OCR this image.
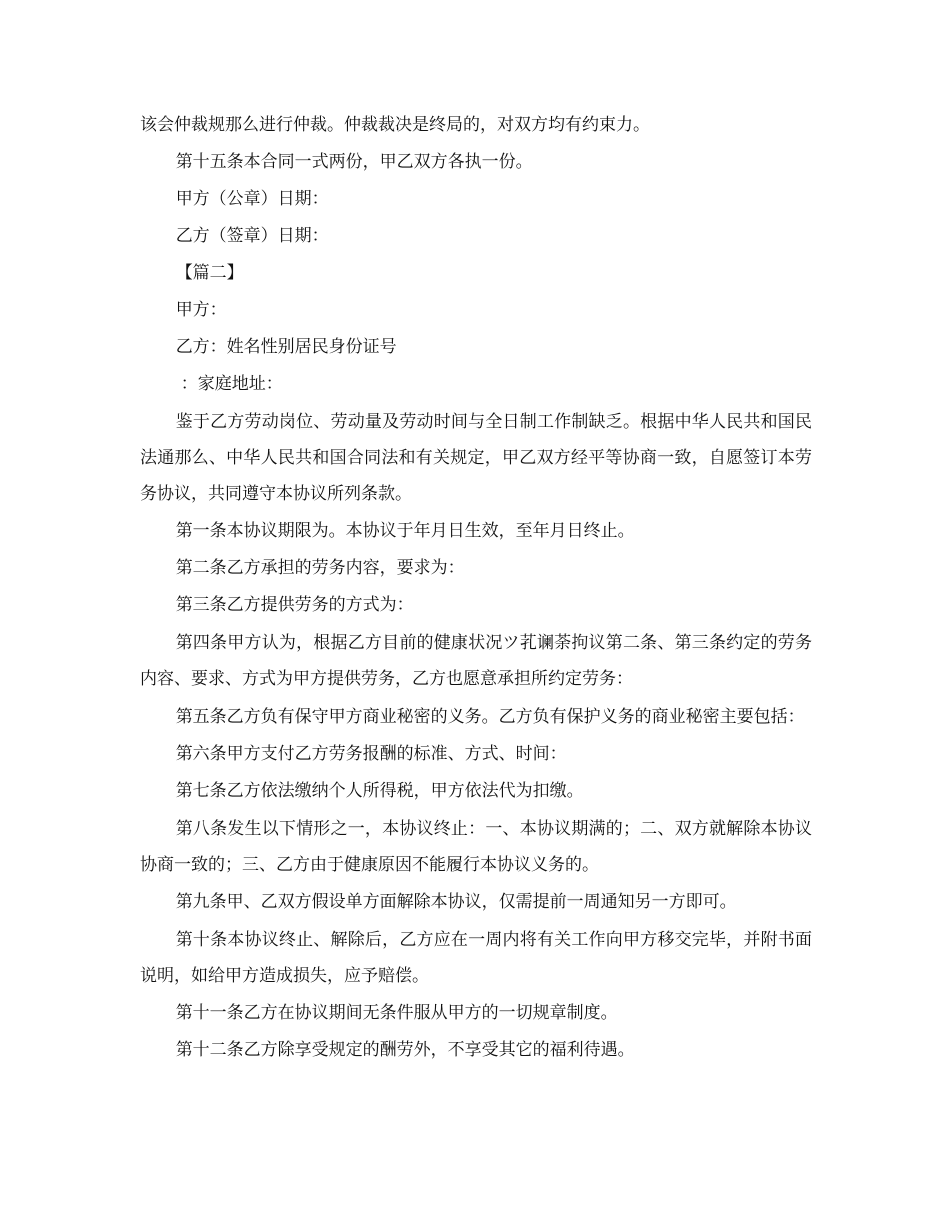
该会仲裁规那么进行仲裁。仲裁裁决是终局的，对双方均有约束力。

第十五条本合同一式两份，甲乙双方各执一份。

甲方（公章）日期：

乙方（签章）日期：

【篇二】

甲方：

乙方：姓名性别居民身份证号

：家庭地址：

鉴于乙方劳动岗位、劳动量及劳动时间与全日制工作制缺乏。根据中华人民共和国民法通那么、中华人民共和国合同法和有关规定，甲乙双方经平等协商一致，自愿签订本劳务协议，共同遵守本协议所列条款。

第一条本协议期限为。本协议于年月日生效，至年月日终止。

第二条乙方承担的劳务内容，要求为：

第三条乙方提供劳务的方式为：

第四条甲方认为，根据乙方目前的健康状况ツ芤谰荼拘议第二条、第三条约定的劳务内容、要求、方式为甲方提供劳务，乙方也愿意承担所约定劳务：

第五条乙方负有保守甲方商业秘密的义务。乙方负有保护义务的商业秘密主要包括：

第六条甲方支付乙方劳务报酬的标准、方式、时间：

第七条乙方依法缴纳个人所得税，甲方依法代为扣缴。

第八条发生以下情形之一，本协议终止：一、本协议期满的；二、双方就解除本协议协商一致的；三、乙方由于健康原因不能履行本协议义务的。

第九条甲、乙双方假设单方面解除本协议，仅需提前一周通知另一方即可。

第十条本协议终止、解除后，乙方应在一周内将有关工作向甲方移交完毕，并附书面说明，如给甲方造成损失，应予赔偿。

第十一条乙方在协议期间无条件服从甲方的一切规章制度。

第十二条乙方除享受规定的酬劳外，不享受其它的福利待遇。
